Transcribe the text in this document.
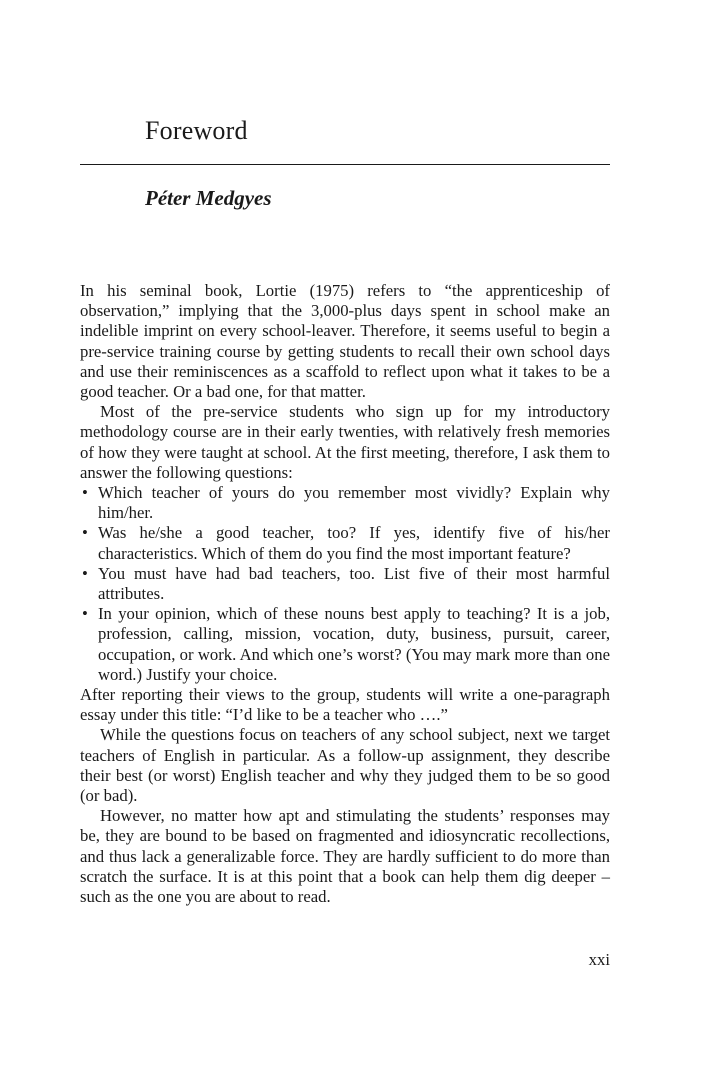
Foreword
Péter Medgyes

In his seminal book, Lortie (1975) refers to “the apprenticeship of observation,” implying that the 3,000-plus days spent in school make an indelible imprint on every school-leaver. Therefore, it seems useful to begin a pre-service training course by getting students to recall their own school days and use their reminiscences as a scaffold to reflect upon what it takes to be a good teacher. Or a bad one, for that matter.

Most of the pre-service students who sign up for my introductory methodology course are in their early twenties, with relatively fresh memories of how they were taught at school. At the first meeting, therefore, I ask them to answer the following questions:

• Which teacher of yours do you remember most vividly? Explain why him/her.
• Was he/she a good teacher, too? If yes, identify five of his/her characteristics. Which of them do you find the most important feature?
• You must have had bad teachers, too. List five of their most harmful attributes.
• In your opinion, which of these nouns best apply to teaching? It is a job, profession, calling, mission, vocation, duty, business, pursuit, career, occupation, or work. And which one’s worst? (You may mark more than one word.) Justify your choice.

After reporting their views to the group, students will write a one-paragraph essay under this title: “I’d like to be a teacher who ….”

While the questions focus on teachers of any school subject, next we target teachers of English in particular. As a follow-up assignment, they describe their best (or worst) English teacher and why they judged them to be so good (or bad).

However, no matter how apt and stimulating the students’ responses may be, they are bound to be based on fragmented and idiosyncratic recollections, and thus lack a generalizable force. They are hardly sufficient to do more than scratch the surface. It is at this point that a book can help them dig deeper – such as the one you are about to read.

xxi
